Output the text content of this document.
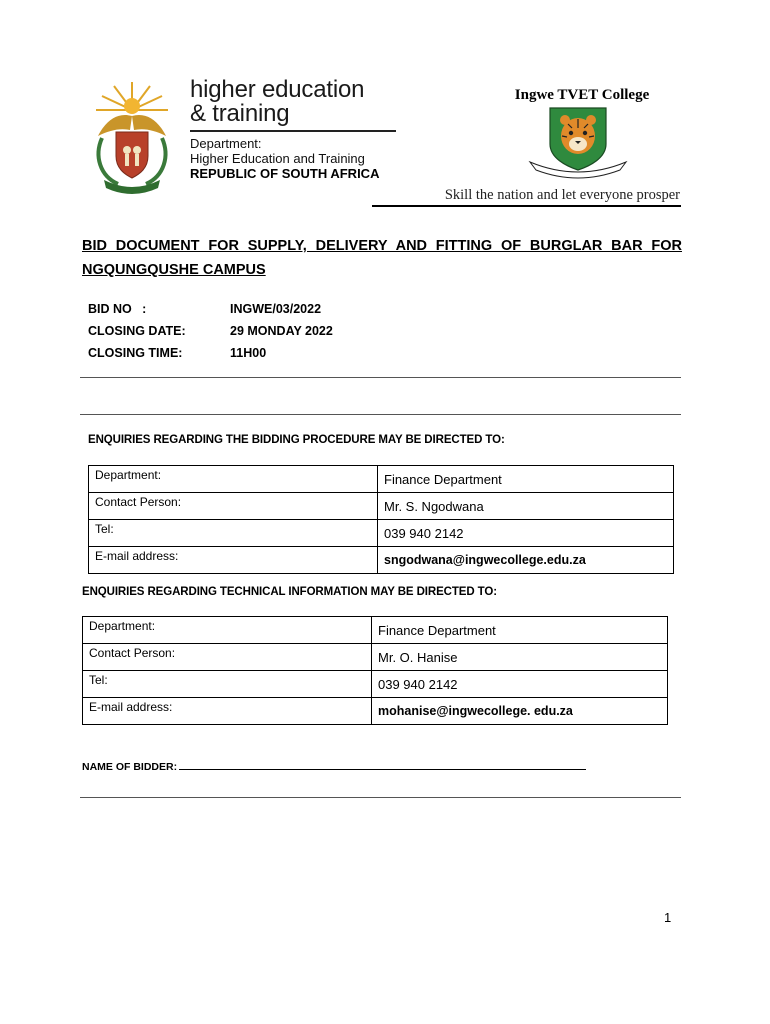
higher education
& training
Department:
Higher Education and Training
REPUBLIC OF SOUTH AFRICA
Ingwe TVET College
Skill the nation and let everyone prosper
BID DOCUMENT FOR SUPPLY, DELIVERY AND FITTING OF BURGLAR BAR FOR NGQUNGQUSHE CAMPUS
BID NO   :	INGWE/03/2022
CLOSING DATE:	29 MONDAY 2022
CLOSING TIME:	11H00
ENQUIRIES REGARDING THE BIDDING PROCEDURE MAY BE DIRECTED TO:
Department:	Finance Department
Contact Person:	Mr. S. Ngodwana
Tel:	039 940 2142
E-mail address:	sngodwana@ingwecollege.edu.za
ENQUIRIES REGARDING TECHNICAL INFORMATION MAY BE DIRECTED TO:
Department:	Finance Department
Contact Person:	Mr. O. Hanise
Tel:	039 940 2142
E-mail address:	mohanise@ingwecollege. edu.za
NAME OF BIDDER:
1
